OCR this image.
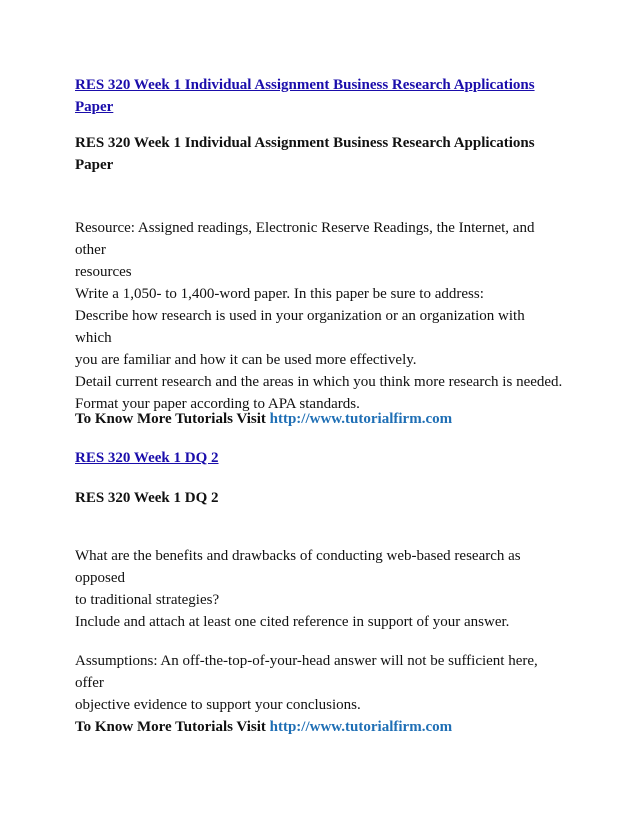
RES 320 Week 1 Individual Assignment Business Research Applications Paper
RES 320 Week 1 Individual Assignment Business Research Applications
Paper
Resource: Assigned readings, Electronic Reserve Readings, the Internet, and other
resources
Write a 1,050- to 1,400-word paper. In this paper be sure to address:
Describe how research is used in your organization or an organization with which
you are familiar and how it can be used more effectively.
Detail current research and the areas in which you think more research is needed.
Format your paper according to APA standards.
To Know More Tutorials Visit http://www.tutorialfirm.com
RES 320 Week 1 DQ 2
RES 320 Week 1 DQ 2
What are the benefits and drawbacks of conducting web-based research as opposed
to traditional strategies?
Include and attach at least one cited reference in support of your answer.
Assumptions: An off-the-top-of-your-head answer will not be sufficient here, offer
objective evidence to support your conclusions.
To Know More Tutorials Visit http://www.tutorialfirm.com
